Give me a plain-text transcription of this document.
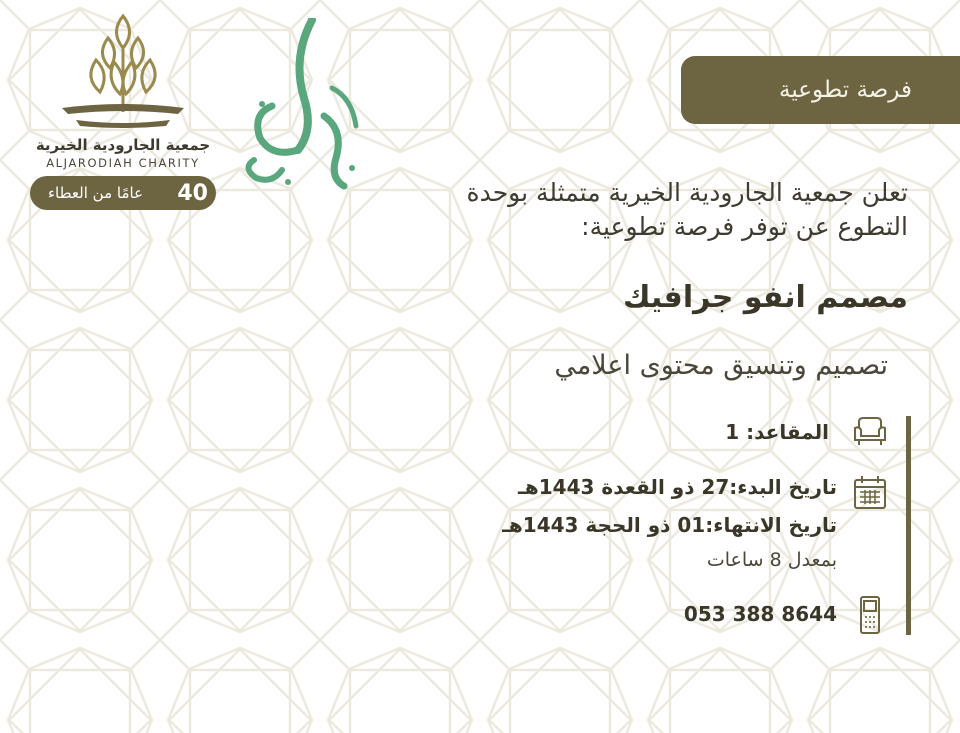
فرصة تطوعية
تعلن جمعية الجارودية الخيرية متمثلة بوحدة
التطوع عن توفر فرصة تطوعية:
مصمم انفو جرافيك
تصميم وتنسيق محتوى اعلامي
المقاعد: 1
تاريخ البدء:27 ذو القعدة 1443هـ
تاريخ الانتهاء:01 ذو الحجة 1443هـ
بمعدل 8 ساعات
053 388 8644
جمعية الجارودية الخيرية
ALJARODIAH CHARITY
عامًا من العطاء 40
